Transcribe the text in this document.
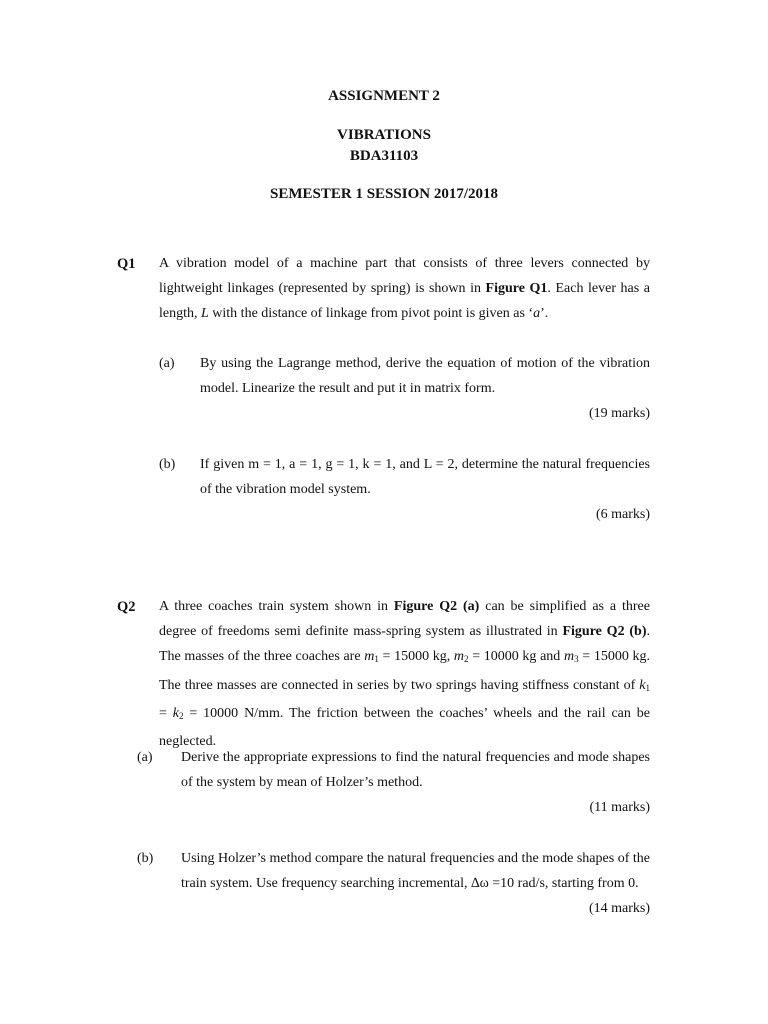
ASSIGNMENT 2
VIBRATIONS
BDA31103
SEMESTER 1 SESSION 2017/2018
Q1 A vibration model of a machine part that consists of three levers connected by lightweight linkages (represented by spring) is shown in Figure Q1. Each lever has a length, L with the distance of linkage from pivot point is given as ‘a’.
(a) By using the Lagrange method, derive the equation of motion of the vibration model. Linearize the result and put it in matrix form.
(19 marks)
(b) If given m = 1, a = 1, g = 1, k = 1, and L = 2, determine the natural frequencies of the vibration model system.
(6 marks)
Q2 A three coaches train system shown in Figure Q2 (a) can be simplified as a three degree of freedoms semi definite mass-spring system as illustrated in Figure Q2 (b). The masses of the three coaches are $m_1 = 15000$ kg, $m_2 = 10000$ kg and $m_3 = 15000$ kg. The three masses are connected in series by two springs having stiffness constant of $k_1 = k_2 = 10000$ N/mm. The friction between the coaches’ wheels and the rail can be neglected.
(a) Derive the appropriate expressions to find the natural frequencies and mode shapes of the system by mean of Holzer’s method.
(11 marks)
(b) Using Holzer’s method compare the natural frequencies and the mode shapes of the train system. Use frequency searching incremental, ∆ω =10 rad/s, starting from 0.
(14 marks)
